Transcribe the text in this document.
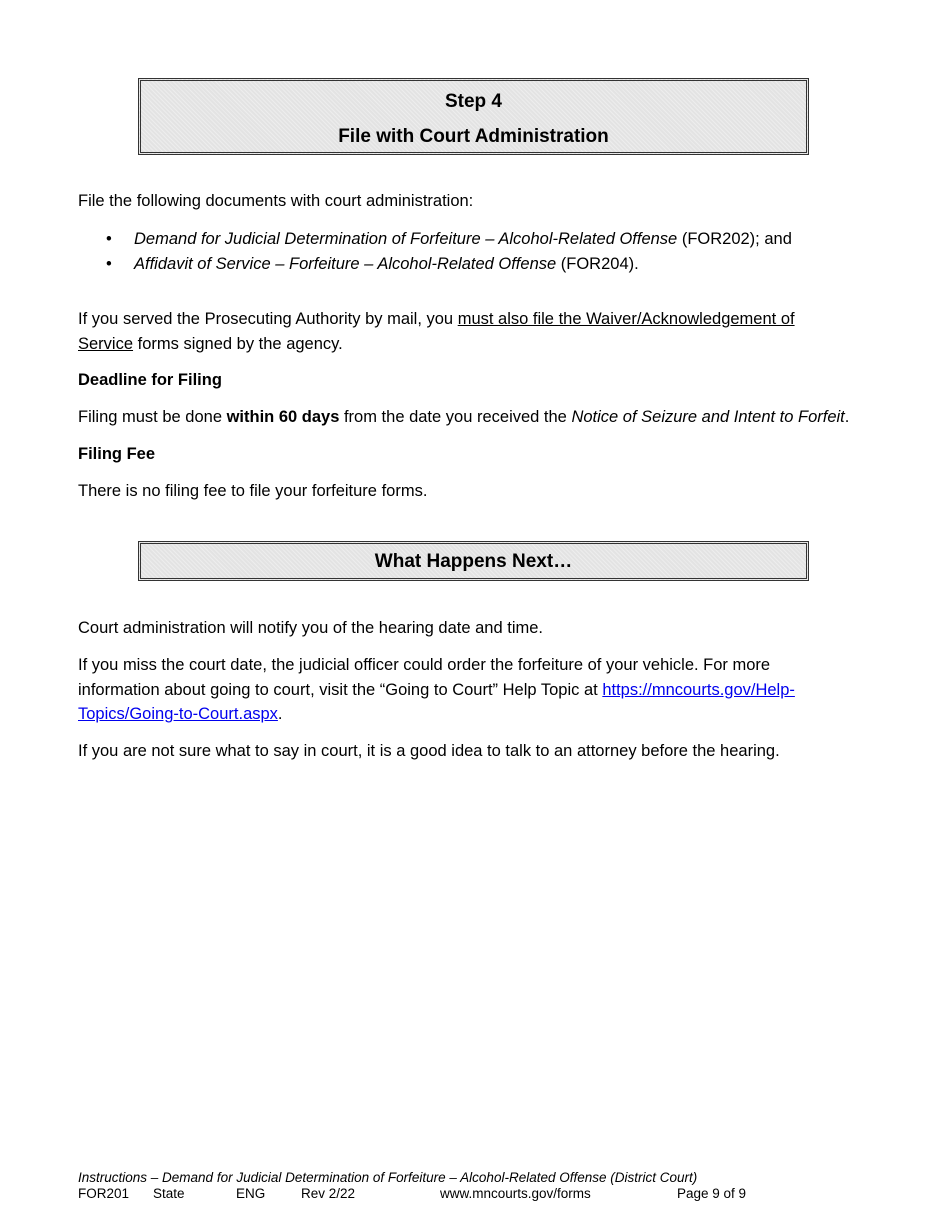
Step 4
File with Court Administration

File the following documents with court administration:

• Demand for Judicial Determination of Forfeiture – Alcohol-Related Offense (FOR202); and
• Affidavit of Service – Forfeiture – Alcohol-Related Offense (FOR204).

If you served the Prosecuting Authority by mail, you must also file the Waiver/Acknowledgement of
Service forms signed by the agency.

Deadline for Filing

Filing must be done within 60 days from the date you received the Notice of Seizure and Intent to Forfeit.

Filing Fee

There is no filing fee to file your forfeiture forms.

What Happens Next…

Court administration will notify you of the hearing date and time.

If you miss the court date, the judicial officer could order the forfeiture of your vehicle. For more
information about going to court, visit the “Going to Court” Help Topic at https://mncourts.gov/Help-
Topics/Going-to-Court.aspx.

If you are not sure what to say in court, it is a good idea to talk to an attorney before the hearing.

Instructions – Demand for Judicial Determination of Forfeiture – Alcohol-Related Offense (District Court)
FOR201 State	ENG	Rev 2/22	www.mncourts.gov/forms	Page 9 of 9
